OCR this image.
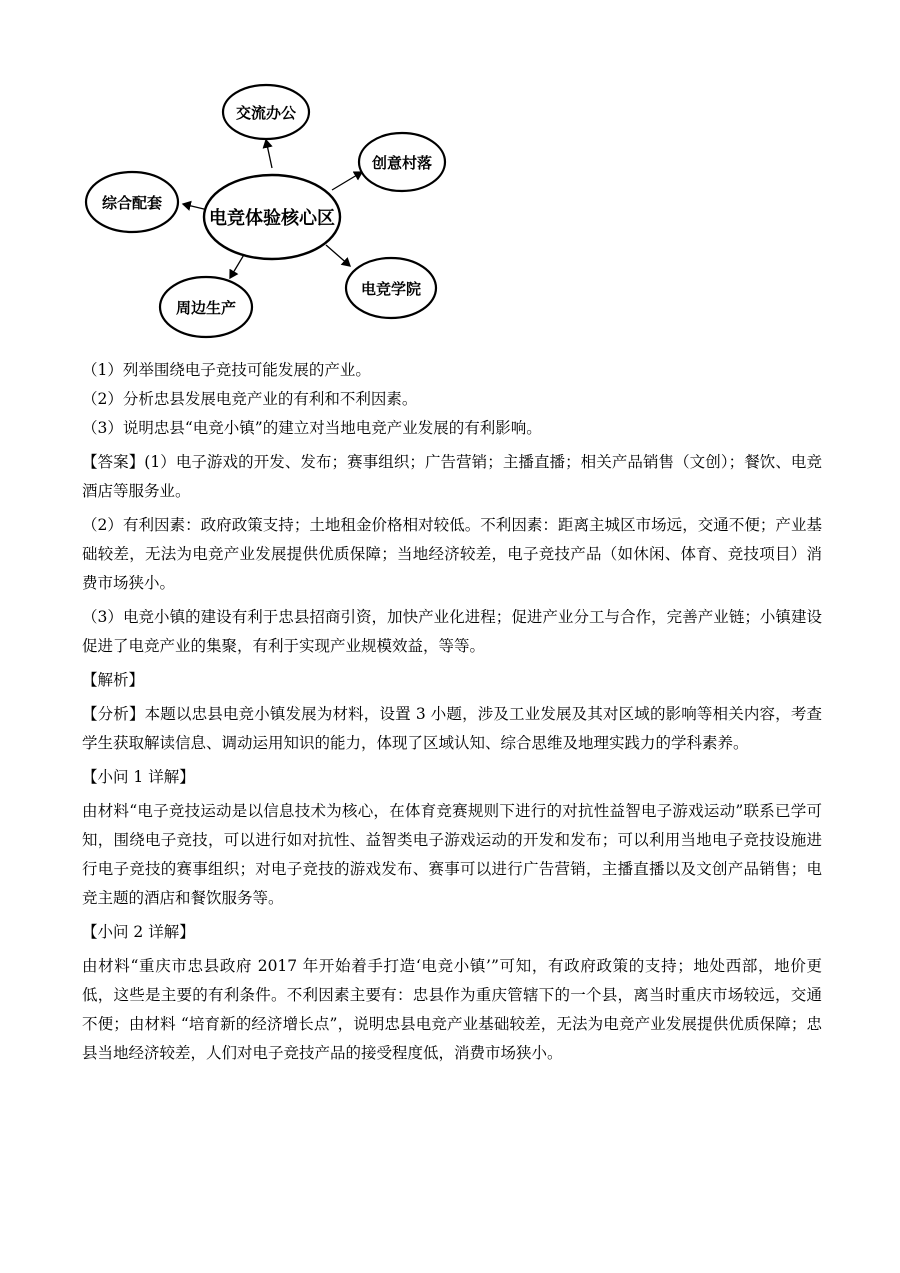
交流办公
创意村落
综合配套
电竞体验核心区
周边生产
电竞学院

（1）列举围绕电子竞技可能发展的产业。

（2）分析忠县发展电竞产业的有利和不利因素。

（3）说明忠县“电竞小镇”的建立对当地电竞产业发展的有利影响。

【答案】(1）电子游戏的开发、发布；赛事组织；广告营销；主播直播；相关产品销售（文创）；餐饮、电竞酒店等服务业。

（2）有利因素：政府政策支持；土地租金价格相对较低。不利因素：距离主城区市场远，交通不便；产业基础较差，无法为电竞产业发展提供优质保障；当地经济较差，电子竞技产品（如休闲、体育、竞技项目）消费市场狭小。

（3）电竞小镇的建设有利于忠县招商引资，加快产业化进程；促进产业分工与合作，完善产业链；小镇建设促进了电竞产业的集聚，有利于实现产业规模效益，等等。

【解析】

【分析】本题以忠县电竞小镇发展为材料，设置 3 小题，涉及工业发展及其对区域的影响等相关内容，考查学生获取解读信息、调动运用知识的能力，体现了区域认知、综合思维及地理实践力的学科素养。

【小问 1 详解】

由材料“电子竞技运动是以信息技术为核心，在体育竞赛规则下进行的对抗性益智电子游戏运动”联系已学可知，围绕电子竞技，可以进行如对抗性、益智类电子游戏运动的开发和发布；可以利用当地电子竞技设施进行电子竞技的赛事组织；对电子竞技的游戏发布、赛事可以进行广告营销，主播直播以及文创产品销售；电竞主题的酒店和餐饮服务等。

【小问 2 详解】

由材料“重庆市忠县政府 2017 年开始着手打造‘电竞小镇’”可知，有政府政策的支持；地处西部，地价更低，这些是主要的有利条件。不利因素主要有：忠县作为重庆管辖下的一个县，离当时重庆市场较远，交通不便；由材料 “培育新的经济增长点”，说明忠县电竞产业基础较差，无法为电竞产业发展提供优质保障；忠县当地经济较差，人们对电子竞技产品的接受程度低，消费市场狭小。
